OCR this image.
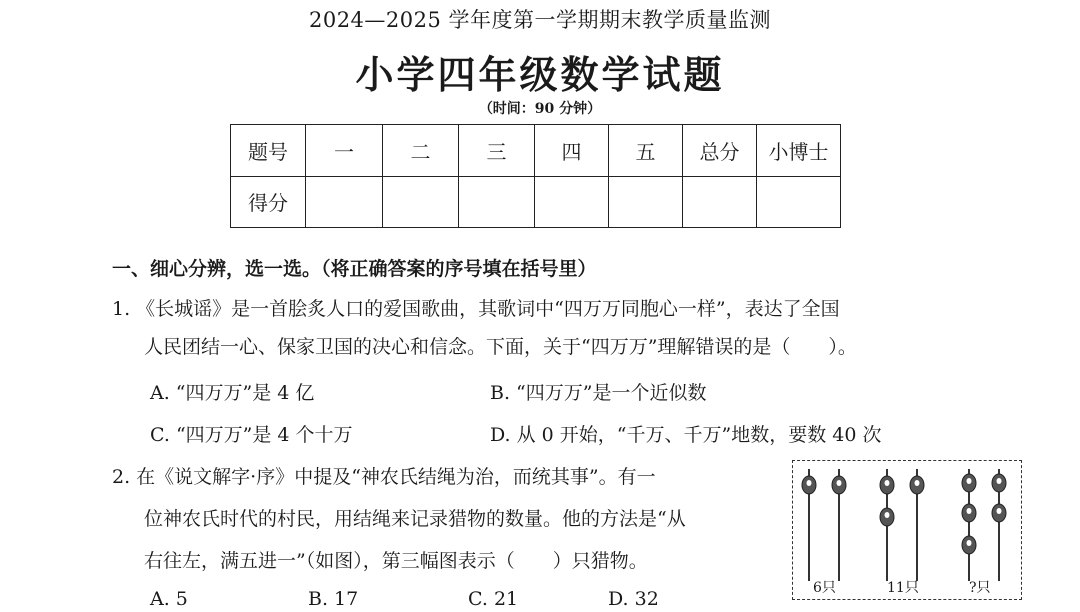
2024—2025 学年度第一学期期末教学质量监测
小学四年级数学试题
（时间：90 分钟）
题号	一	二	三	四	五	总分	小博士
得分							
一、细心分辨，选一选。（将正确答案的序号填在括号里）
1. 《长城谣》是一首脍炙人口的爱国歌曲，其歌词中“四万万同胞心一样”，表达了全国
人民团结一心、保家卫国的决心和信念。下面，关于“四万万”理解错误的是（　　）。
A. “四万万”是 4 亿	B. “四万万”是一个近似数
C. “四万万”是 4 个十万	D. 从 0 开始，“千万、千万”地数，要数 40 次
2. 在《说文解字·序》中提及“神农氏结绳为治，而统其事”。有一
位神农氏时代的村民，用结绳来记录猎物的数量。他的方法是“从
右往左，满五进一”（如图），第三幅图表示（　　）只猎物。
A. 5	B. 17	C. 21	D. 32	6只	11只	?只
